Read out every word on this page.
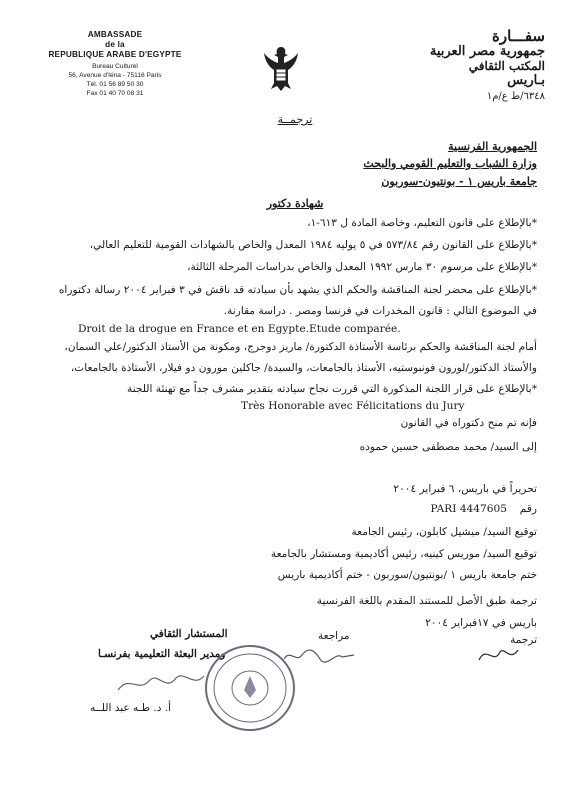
AMBASSADE
de la
REPUBLIQUE ARABE D'EGYPTE
Bureau Culturel
56, Avenue d'Iéna - 75116 Paris
Tél. 01 56 89 50 30
Fax 01 40 70 08 31
سفـــارة
جمهورية مصر العربية
المكتب الثقافي
بـاريس
٦٣٤٨/ط ع/م١
ترجمــة
الجمهورية الفرنسية
وزارة الشباب والتعليم القومي والبحث
جامعة باريس ١ - بونتيون-سوربون
شهادة دكتور
*بالإطلاع على قانون التعليم، وخاصة المادة ل ٦١٣-١،
*بالإطلاع على القانون رقم ٥٧٣/٨٤ في ٥ يوليه ١٩٨٤ المعدل والخاص بالشهادات القومية للتعليم العالي،
*بالإطلاع على مرسوم ٣٠ مارس ١٩٩٢ المعدل والخاص بدراسات المرحلة الثالثة،
*بالإطلاع على محضر لجنة المناقشة والحكم الذي يشهد بأن سيادته قد ناقش في ٣ فبراير ٢٠٠٤ رسالة دكتوراه
في الموضوع التالي : قانون المخدرات في فرنسا ومصر . دراسة مقارنة.
Droit de la drogue en France et en Egypte.Etude comparée.
أمام لجنة المناقشة والحكم برئاسة الأستاذة الدكتورة/ ماريز دوجرج، ومكونة من الأستاذ الدكتور/علي السمان،
والأستاذ الدكتور/لورون فونبوستيه، الأستاذ بالجامعات، والسيدة/ جاكلين مورون دو فيلار، الأستاذة بالجامعات،
*بالإطلاع على قرار اللجنة المذكورة التي قررت نجاح سيادته بتقدير مشرف جداً مع تهنئة اللجنة
Très Honorable avec Félicitations du Jury
فإنه تم منح دكتوراه في القانون
إلى السيد/ محمد مصطفى حسين حموده
تحريراً في باريس، ٦ فبراير ٢٠٠٤
رقم
PARI 4447605
توقيع السيد/ ميشيل كابلون، رئيس الجامعة
توقيع السيد/ موريس كينيه، رئيس أكاديمية ومستشار بالجامعة
ختم جامعة باريس ١ /بونتيون/سوربون - ختم أكاديمية باريس
ترجمة طبق الأصل للمستند المقدم باللغة الفرنسية
باريس في ١٧فبراير ٢٠٠٤
ترجمة
مراجعة
المستشار الثقافي
ومدير البعثة التعليمية بفرنسـا
أ. د. طـه عبد اللــه
